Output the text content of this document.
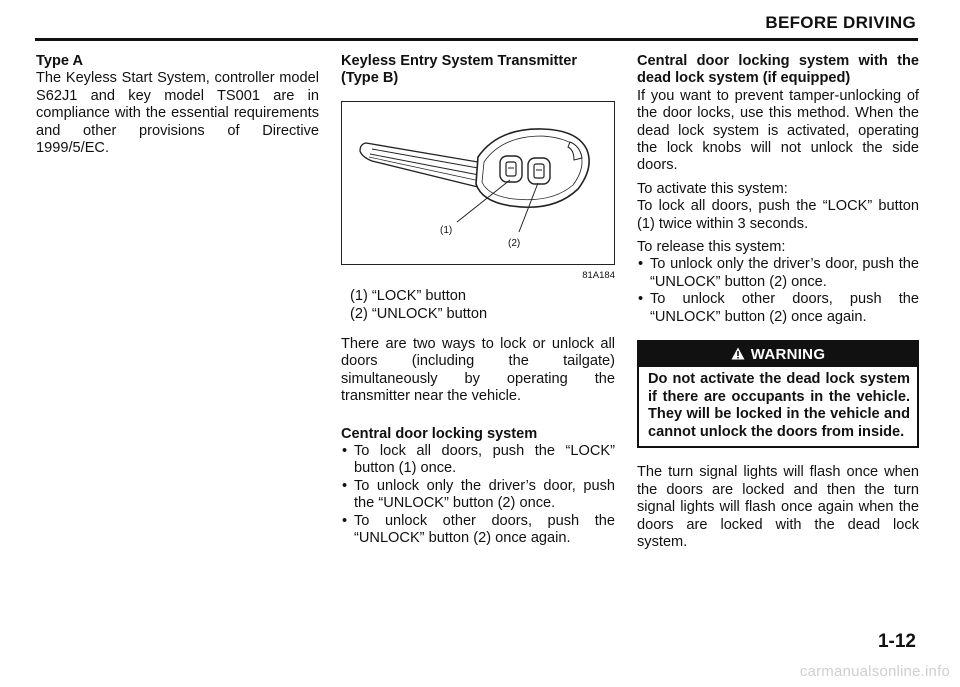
BEFORE DRIVING
Type A
The Keyless Start System, controller model S62J1 and key model TS001 are in compliance with the essential requirements and other provisions of Directive 1999/5/EC.
Keyless Entry System Transmitter
(Type B)
(1)
(2)
81A184
(1) “LOCK” button
(2) “UNLOCK” button
There are two ways to lock or unlock all doors (including the tailgate) simultaneously by operating the transmitter near the vehicle.
Central door locking system
• To lock all doors, push the “LOCK” button (1) once.
• To unlock only the driver’s door, push the “UNLOCK” button (2) once.
• To unlock other doors, push the “UNLOCK” button (2) once again.
Central door locking system with the dead lock system (if equipped)
If you want to prevent tamper-unlocking of the door locks, use this method. When the dead lock system is activated, operating the lock knobs will not unlock the side doors.
To activate this system:
To lock all doors, push the “LOCK” button (1) twice within 3 seconds.
To release this system:
• To unlock only the driver’s door, push the “UNLOCK” button (2) once.
• To unlock other doors, push the “UNLOCK” button (2) once again.
WARNING
Do not activate the dead lock system if there are occupants in the vehicle. They will be locked in the vehicle and cannot unlock the doors from inside.
The turn signal lights will flash once when the doors are locked and then the turn signal lights will flash once again when the doors are locked with the dead lock system.
1-12
carmanualsonline.info
